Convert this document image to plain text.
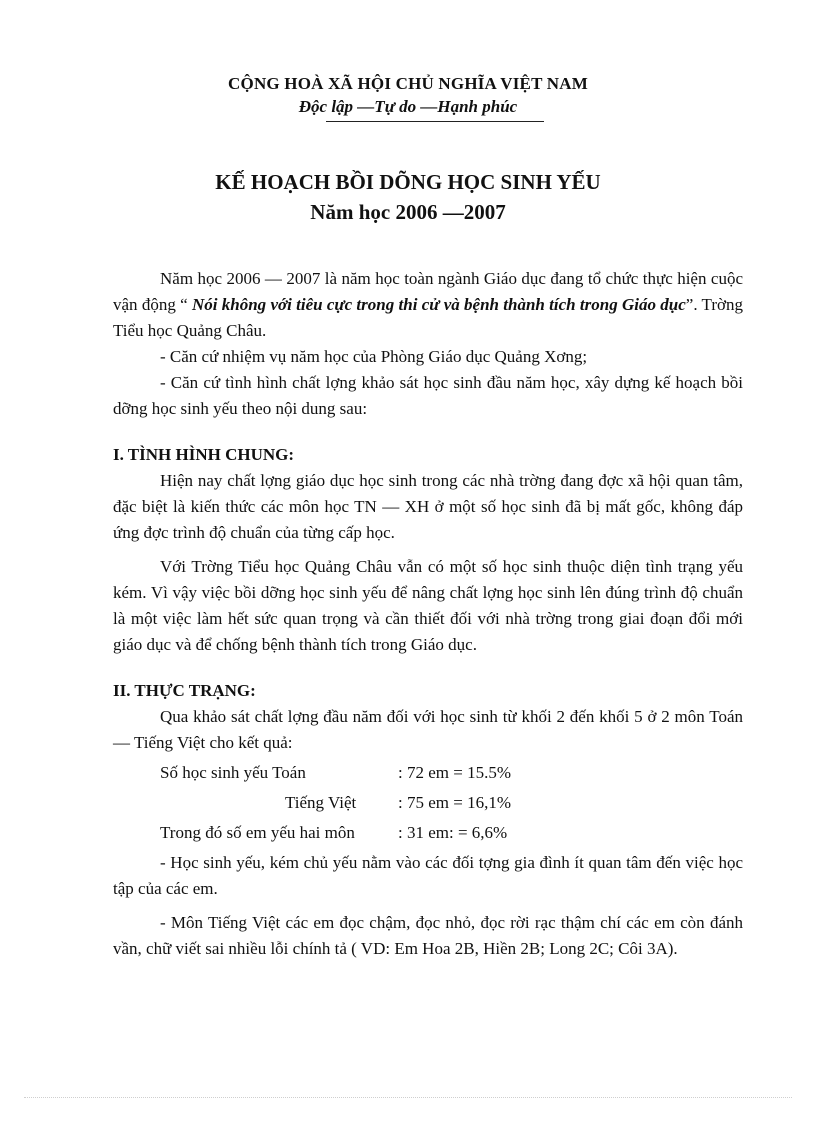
CỘNG HOÀ XÃ HỘI CHỦ NGHĨA VIỆT NAM
Độc lập —Tự do —Hạnh phúc
KẾ HOẠCH BỒI DÕNG HỌC SINH YẾU
Năm học 2006 —2007

Năm học 2006 — 2007 là năm học toàn ngành Giáo dục đang tổ chức thực hiện cuộc vận động “ Nói không với tiêu cực trong thi cử và bệnh thành tích trong Giáo dục”. Trờng Tiểu học Quảng Châu.

- Căn cứ nhiệm vụ năm học của Phòng Giáo dục Quảng Xơng;

- Căn cứ tình hình chất lợng khảo sát học sinh đầu năm học, xây dựng kế hoạch bồi dỡng học sinh yếu theo nội dung sau:

I. TÌNH HÌNH CHUNG:

Hiện nay chất lợng giáo dục học sinh trong các nhà trờng đang đợc xã hội quan tâm, đặc biệt là kiến thức các môn học TN — XH ở một số học sinh đã bị mất gốc, không đáp ứng đợc trình độ chuẩn của từng cấp học.

Với Trờng Tiểu học Quảng Châu vẫn có một số học sinh thuộc diện tình trạng yếu kém. Vì vậy việc bồi dỡng học sinh yếu để nâng chất lợng học sinh lên đúng trình độ chuẩn là một việc làm hết sức quan trọng và cần thiết đối với nhà trờng trong giai đoạn đổi mới giáo dục và để chống bệnh thành tích trong Giáo dục.

II. THỰC TRẠNG:

Qua khảo sát chất lợng đầu năm đối với học sinh từ khối 2 đến khối 5 ở 2 môn Toán — Tiếng Việt cho kết quả:

Số học sinh yếu Toán	: 72 em = 15.5%
Tiếng Việt : 75 em = 16,1%
Trong đó số em yếu hai môn	: 31 em: = 6,6%

- Học sinh yếu, kém chủ yếu nằm vào các đối tợng gia đình ít quan tâm đến việc học tập của các em.

- Môn Tiếng Việt các em đọc chậm, đọc nhỏ, đọc rời rạc thậm chí các em còn đánh vần, chữ viết sai nhiều lỗi chính tả ( VD: Em Hoa 2B, Hiền 2B; Long 2C; Côi 3A).
